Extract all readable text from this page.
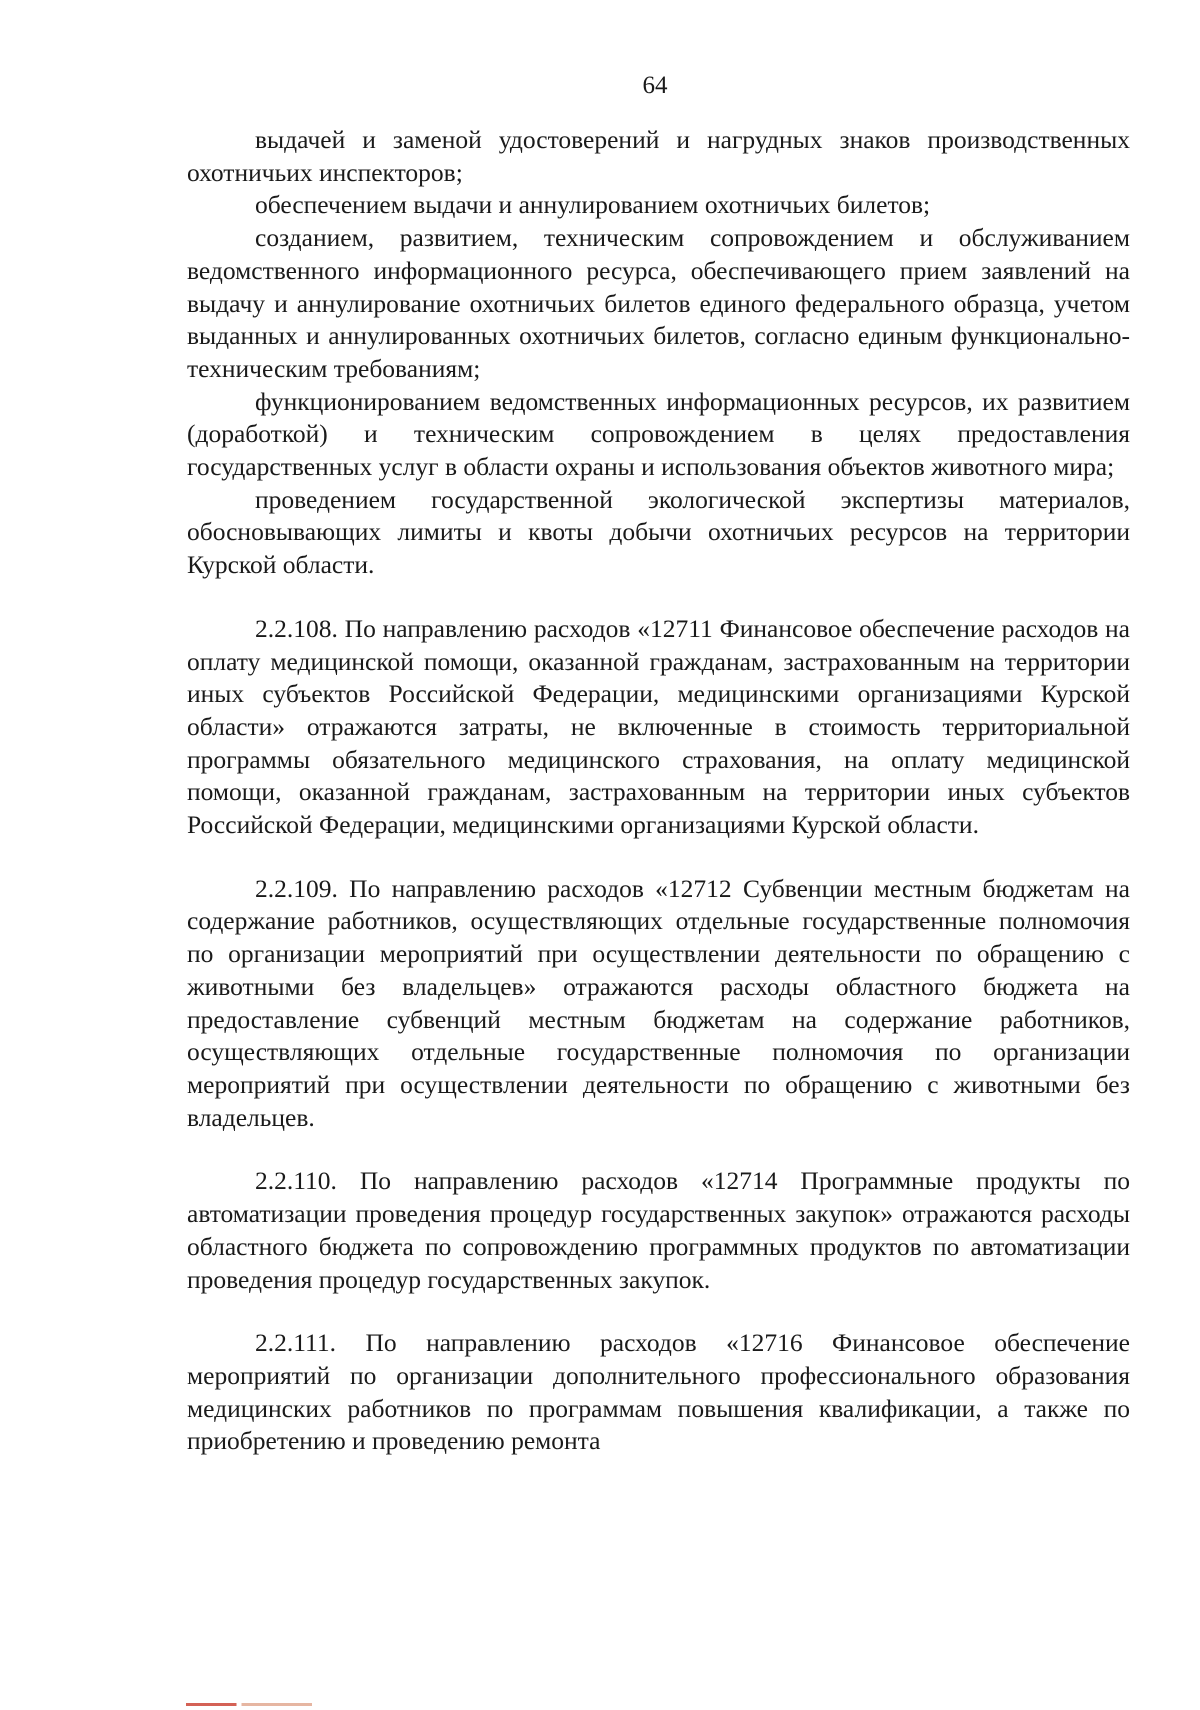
64

выдачей и заменой удостоверений и нагрудных знаков производственных охотничьих инспекторов;

обеспечением выдачи и аннулированием охотничьих билетов;

созданием, развитием, техническим сопровождением и обслуживанием ведомственного информационного ресурса, обеспечивающего прием заявлений на выдачу и аннулирование охотничьих билетов единого федерального образца, учетом выданных и аннулированных охотничьих билетов, согласно единым функционально-техническим требованиям;

функционированием ведомственных информационных ресурсов, их развитием (доработкой) и техническим сопровождением в целях предоставления государственных услуг в области охраны и использования объектов животного мира;

проведением государственной экологической экспертизы материалов, обосновывающих лимиты и квоты добычи охотничьих ресурсов на территории Курской области.

2.2.108. По направлению расходов «12711 Финансовое обеспечение расходов на оплату медицинской помощи, оказанной гражданам, застрахованным на территории иных субъектов Российской Федерации, медицинскими организациями Курской области» отражаются затраты, не включенные в стоимость территориальной программы обязательного медицинского страхования, на оплату медицинской помощи, оказанной гражданам, застрахованным на территории иных субъектов Российской Федерации, медицинскими организациями Курской области.

2.2.109. По направлению расходов «12712 Субвенции местным бюджетам на содержание работников, осуществляющих отдельные государственные полномочия по организации мероприятий при осуществлении деятельности по обращению с животными без владельцев» отражаются расходы областного бюджета на предоставление субвенций местным бюджетам на содержание работников, осуществляющих отдельные государственные полномочия по организации мероприятий при осуществлении деятельности по обращению с животными без владельцев.

2.2.110. По направлению расходов «12714 Программные продукты по автоматизации проведения процедур государственных закупок» отражаются расходы областного бюджета по сопровождению программных продуктов по автоматизации проведения процедур государственных закупок.

2.2.111. По направлению расходов «12716 Финансовое обеспечение мероприятий по организации дополнительного профессионального образования медицинских работников по программам повышения квалификации, а также по приобретению и проведению ремонта
